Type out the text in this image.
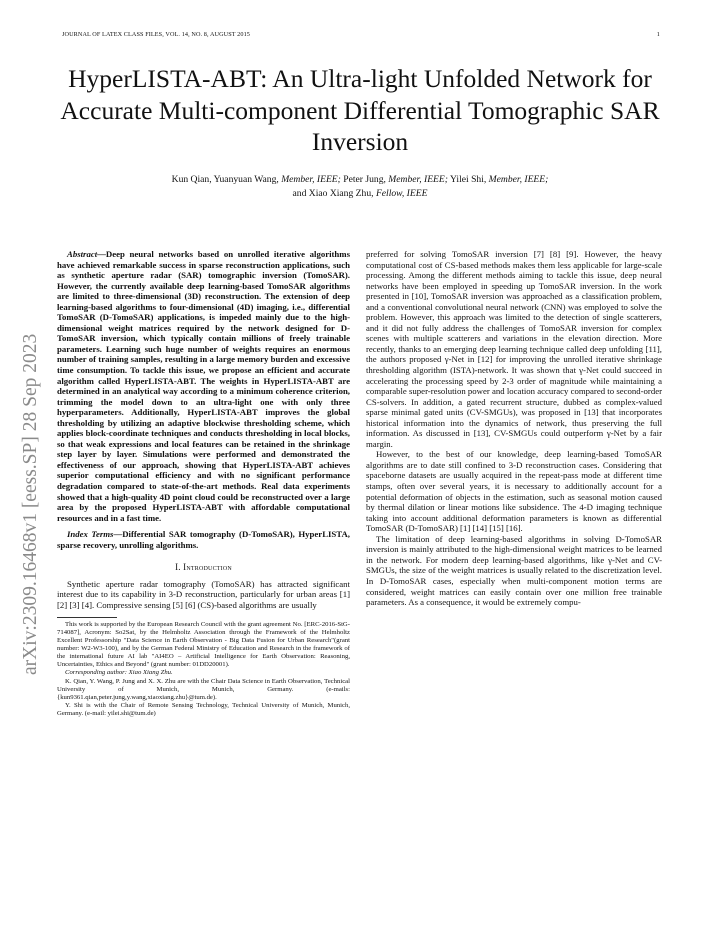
JOURNAL OF LATEX CLASS FILES, VOL. 14, NO. 8, AUGUST 2015	1
HyperLISTA-ABT: An Ultra-light Unfolded Network for Accurate Multi-component Differential Tomographic SAR Inversion
Kun Qian, Yuanyuan Wang, Member, IEEE; Peter Jung, Member, IEEE; Yilei Shi, Member, IEEE;
and Xiao Xiang Zhu, Fellow, IEEE
arXiv:2309.16468v1 [eess.SP] 28 Sep 2023

Abstract—Deep neural networks based on unrolled iterative algorithms have achieved remarkable success in sparse reconstruction applications, such as synthetic aperture radar (SAR) tomographic inversion (TomoSAR). However, the currently available deep learning-based TomoSAR algorithms are limited to three-dimensional (3D) reconstruction. The extension of deep learning-based algorithms to four-dimensional (4D) imaging, i.e., differential TomoSAR (D-TomoSAR) applications, is impeded mainly due to the high-dimensional weight matrices required by the network designed for D-TomoSAR inversion, which typically contain millions of freely trainable parameters. Learning such huge number of weights requires an enormous number of training samples, resulting in a large memory burden and excessive time consumption. To tackle this issue, we propose an efficient and accurate algorithm called HyperLISTA-ABT. The weights in HyperLISTA-ABT are determined in an analytical way according to a minimum coherence criterion, trimming the model down to an ultra-light one with only three hyperparameters. Additionally, HyperLISTA-ABT improves the global thresholding by utilizing an adaptive blockwise thresholding scheme, which applies block-coordinate techniques and conducts thresholding in local blocks, so that weak expressions and local features can be retained in the shrinkage step layer by layer. Simulations were performed and demonstrated the effectiveness of our approach, showing that HyperLISTA-ABT achieves superior computational efficiency and with no significant performance degradation compared to state-of-the-art methods. Real data experiments showed that a high-quality 4D point cloud could be reconstructed over a large area by the proposed HyperLISTA-ABT with affordable computational resources and in a fast time.

Index Terms—Differential SAR tomography (D-TomoSAR), HyperLISTA, sparse recovery, unrolling algorithms.

I. Introduction

Synthetic aperture radar tomography (TomoSAR) has attracted significant interest due to its capability in 3-D reconstruction, particularly for urban areas [1] [2] [3] [4]. Compressive sensing [5] [6] (CS)-based algorithms are usually

This work is supported by the European Research Council with the grant agreement No. [ERC-2016-StG-714087], Acronym: So2Sat, by the Helmholtz Association through the Framework of the Helmholtz Excellent Professorship "Data Science in Earth Observation - Big Data Fusion for Urban Research"(grant number: W2-W3-100), and by the German Federal Ministry of Education and Research in the framework of the international future AI lab "AI4EO – Artificial Intelligence for Earth Observation: Reasoning, Uncertainties, Ethics and Beyond" (grant number: 01DD20001).

Corresponding author: Xiao Xiang Zhu.

K. Qian, Y. Wang, P. Jung and X. X. Zhu are with the Chair Data Science in Earth Observation, Technical University of Munich, Munich, Germany. (e-mails: {kun9361.qian,peter.jung,y.wang,xiaoxiang.zhu}@tum.de).

Y. Shi is with the Chair of Remote Sensing Technology, Technical University of Munich, Munich, Germany. (e-mail: yilei.shi@tum.de)

preferred for solving TomoSAR inversion [7] [8] [9]. However, the heavy computational cost of CS-based methods makes them less applicable for large-scale processing. Among the different methods aiming to tackle this issue, deep neural networks have been employed in speeding up TomoSAR inversion. In the work presented in [10], TomoSAR inversion was approached as a classification problem, and a conventional convolutional neural network (CNN) was employed to solve the problem. However, this approach was limited to the detection of single scatterers, and it did not fully address the challenges of TomoSAR inversion for complex scenes with multiple scatterers and variations in the elevation direction. More recently, thanks to an emerging deep learning technique called deep unfolding [11], the authors proposed γ-Net in [12] for improving the unrolled iterative shrinkage thresholding algorithm (ISTA)-network. It was shown that γ-Net could succeed in accelerating the processing speed by 2-3 order of magnitude while maintaining a comparable super-resolution power and location accuracy compared to second-order CS-solvers. In addition, a gated recurrent structure, dubbed as complex-valued sparse minimal gated units (CV-SMGUs), was proposed in [13] that incorporates historical information into the dynamics of network, thus preserving the full information. As discussed in [13], CV-SMGUs could outperform γ-Net by a fair margin.

However, to the best of our knowledge, deep learning-based TomoSAR algorithms are to date still confined to 3-D reconstruction cases. Considering that spaceborne datasets are usually acquired in the repeat-pass mode at different time stamps, often over several years, it is necessary to additionally account for a potential deformation of objects in the estimation, such as seasonal motion caused by thermal dilation or linear motions like subsidence. The 4-D imaging technique taking into account additional deformation parameters is known as differential TomoSAR (D-TomoSAR) [1] [14] [15] [16].

The limitation of deep learning-based algorithms in solving D-TomoSAR inversion is mainly attributed to the high-dimensional weight matrices to be learned in the network. For modern deep learning-based algorithms, like γ-Net and CV-SMGUs, the size of the weight matrices is usually related to the discretization level. In D-TomoSAR cases, especially when multi-component motion terms are considered, weight matrices can easily contain over one million free trainable parameters. As a consequence, it would be extremely compu-
